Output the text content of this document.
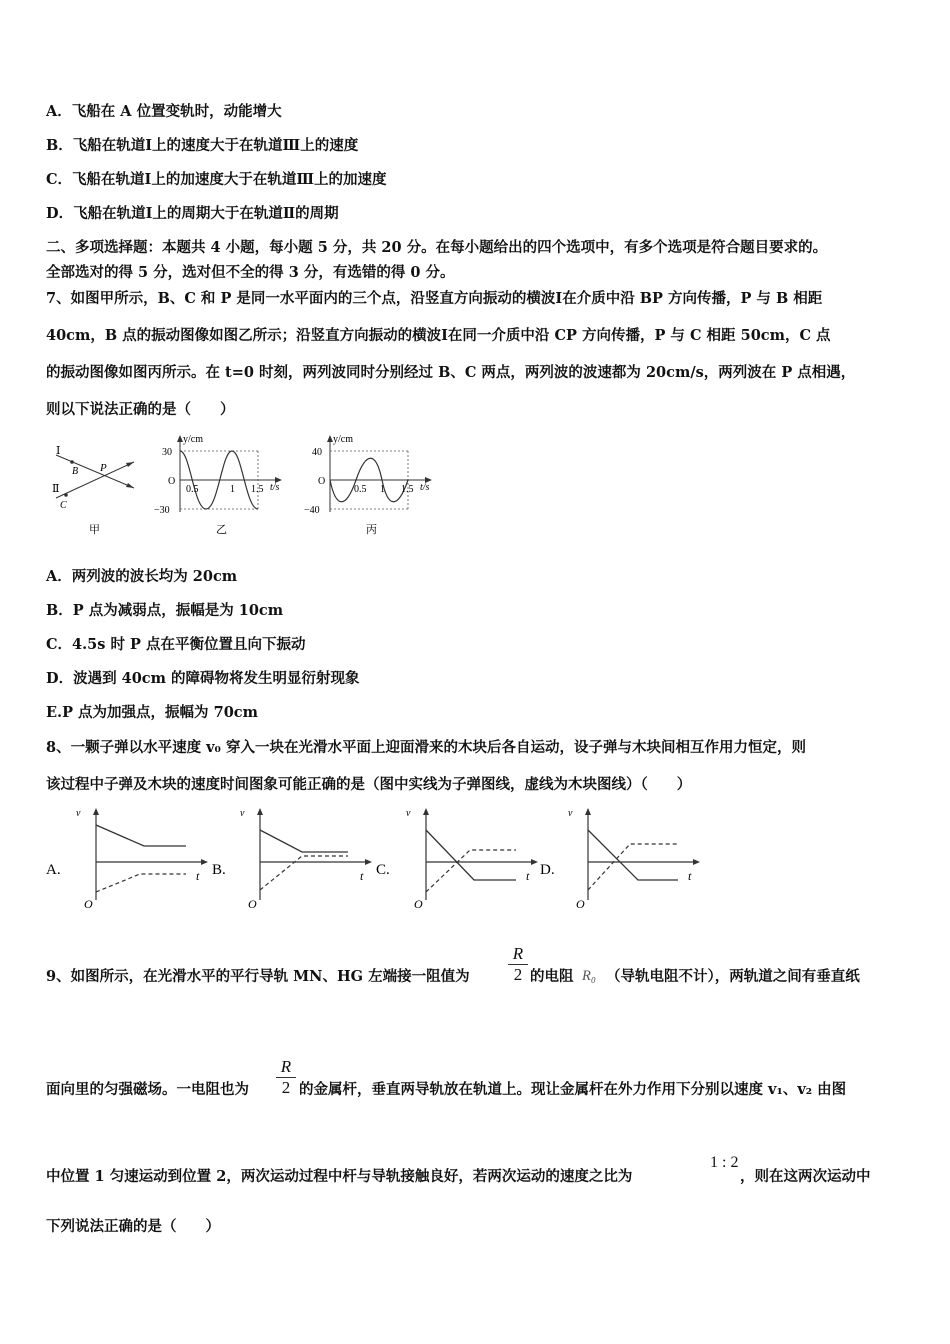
A．飞船在 A 位置变轨时，动能增大
B．飞船在轨道Ⅰ上的速度大于在轨道Ⅲ上的速度
C．飞船在轨道Ⅰ上的加速度大于在轨道Ⅲ上的加速度
D．飞船在轨道Ⅰ上的周期大于在轨道Ⅱ的周期
二、多项选择题：本题共 4 小题，每小题 5 分，共 20 分。在每小题给出的四个选项中，有多个选项是符合题目要求的。
全部选对的得 5 分，选对但不全的得 3 分，有选错的得 0 分。
7、如图甲所示，B、C 和 P 是同一水平面内的三个点，沿竖直方向振动的横波Ⅰ在介质中沿 BP 方向传播，P 与 B 相距
40cm，B 点的振动图像如图乙所示；沿竖直方向振动的横波Ⅰ在同一介质中沿 CP 方向传播，P 与 C 相距 50cm，C 点
的振动图像如图丙所示。在 t=0 时刻，两列波同时分别经过 B、C 两点，两列波的波速都为 20cm/s，两列波在 P 点相遇，
则以下说法正确的是（　　）
Ⅰ
Ⅱ
B P
C
甲
y/cm
t/s
O
30
−30
0.5	1 1.5
乙
y/cm
t/s
O
40
−40
0.5 1 1.5
丙
A．两列波的波长均为 20cm
B．P 点为减弱点，振幅是为 10cm
C．4.5s 时 P 点在平衡位置且向下振动
D．波遇到 40cm 的障碍物将发生明显衍射现象
E.P 点为加强点，振幅为 70cm
8、一颗子弹以水平速度 v₀ 穿入一块在光滑水平面上迎面滑来的木块后各自运动，设子弹与木块间相互作用力恒定，则
该过程中子弹及木块的速度时间图象可能正确的是（图中实线为子弹图线，虚线为木块图线）（　　）
A.
v
t
O
B.
v
t
O
C.
v
t
O
D.
v
t
O
9、如图所示，在光滑水平的平行导轨 MN、HG 左端接一阻值为 $\frac{R}{2}$ 的电阻 R₀ （导轨电阻不计），两轨道之间有垂直纸
面向里的匀强磁场。一电阻也为 $\frac{R}{2}$ 的金属杆，垂直两导轨放在轨道上。现让金属杆在外力作用下分别以速度 v₁、v₂ 由图
中位置 1 匀速运动到位置 2，两次运动过程中杆与导轨接触良好，若两次运动的速度之比为
1 : 2
，则在这两次运动中
下列说法正确的是（　　）
